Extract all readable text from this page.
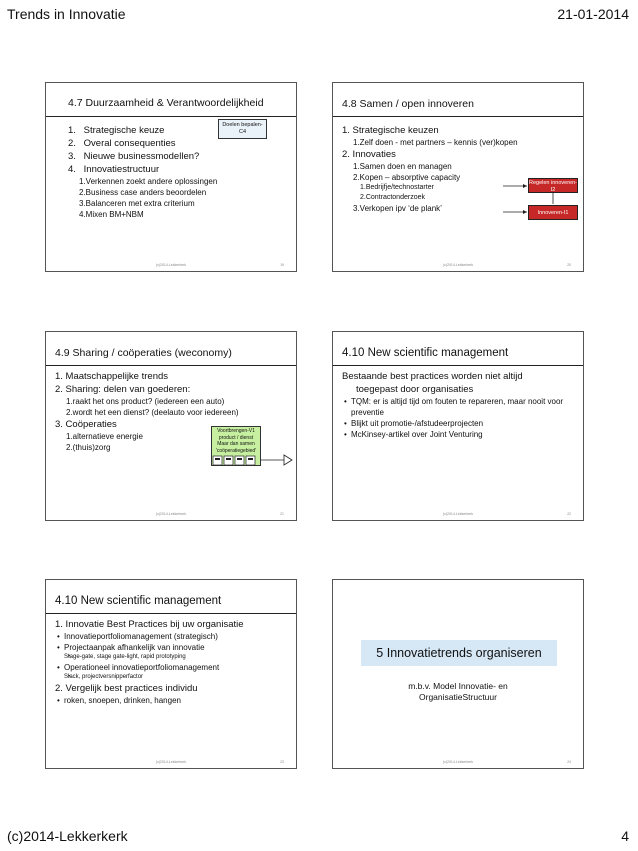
Trends in Innovatie	21-01-2014
4.7 Duurzaamheid & Verantwoordelijkheid
1. Strategische keuze
2. Overal consequenties
3. Nieuwe businessmodellen?
4. Innovatiestructuur
1.Verkennen zoekt andere oplossingen
2.Business case anders beoordelen
3.Balanceren met extra criterium
4.Mixen BM+NBM
Doelen bepalen-C4
(c)2014-Lekkerkerk	19
4.8 Samen / open innoveren
1. Strategische keuzen
1.Zelf doen - met partners – kennis (ver)kopen
2. Innovaties
1.Samen doen en managen
2.Kopen – absorptive capacity
1.Bedrijfje/technostarter
2.Contractonderzoek
3.Verkopen ipv ‘de plank’
Regelen innoveren-I2
Innoveren-I1
(c)2014-Lekkerkerk	20
4.9 Sharing / coöperaties (weconomy)
1. Maatschappelijke trends
2. Sharing: delen van goederen:
1.raakt het ons product? (iedereen een auto)
2.wordt het een dienst? (deelauto voor iedereen)
3. Coöperaties
1.alternatieve energie
2.(thuis)zorg
Voortbrengen-V1 product / dienst Maar dan samen 'coöperatiegebied'
(c)2014-Lekkerkerk	21
4.10 New scientific management
Bestaande best practices worden niet altijd
toegepast door organisaties
• TQM: er is altijd tijd om fouten te repareren, maar nooit voor preventie
• Blijkt uit promotie-/afstudeerprojecten
• McKinsey-artikel over Joint Venturing
(c)2014-Lekkerkerk	22
4.10 New scientific management
1. Innovatie Best Practices bij uw organisatie
• Innovatieportfoliomanagement (strategisch)
• Projectaanpak afhankelijk van innovatie
• Stage-gate, stage gate-light, rapid prototyping
• Operationeel innovatieportfoliomanagement
• Slack, projectversnipperfactor
2. Vergelijk best practices individu
• roken, snoepen, drinken, hangen
(c)2014-Lekkerkerk	23
5 Innovatietrends organiseren
m.b.v. Model Innovatie- en
OrganisatieStructuur
(c)2014-Lekkerkerk	24
(c)2014-Lekkerkerk	4
